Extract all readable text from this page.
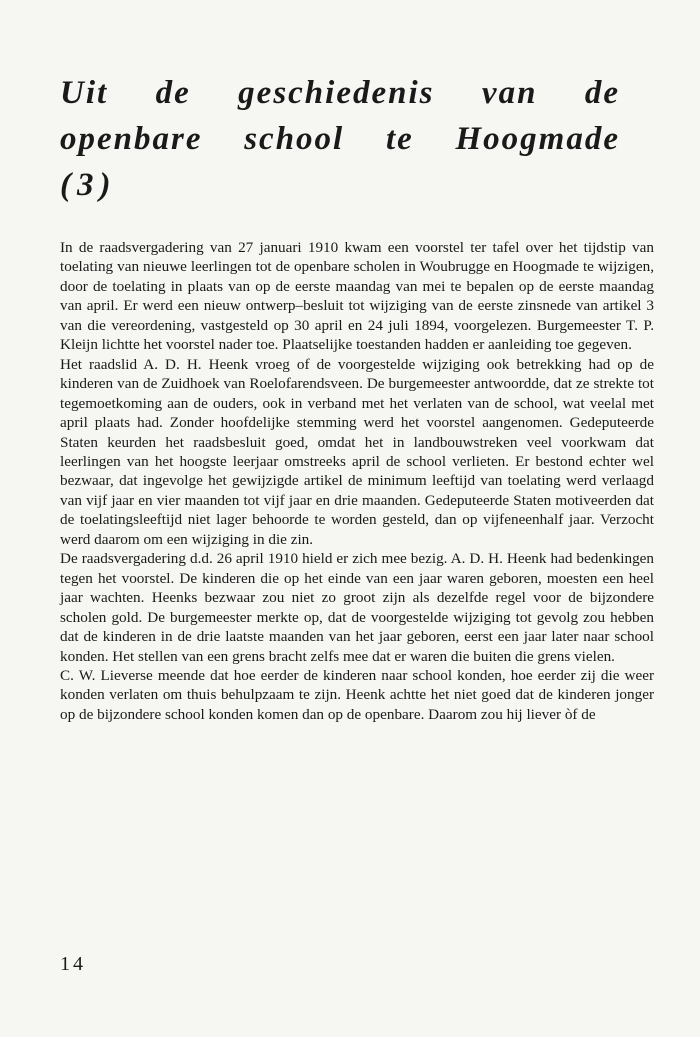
Uit de geschiedenis van de
openbare school te Hoogmade
(3)

In de raadsvergadering van 27 januari 1910 kwam een voorstel ter tafel over het tijdstip van toelating van nieuwe leerlingen tot de openbare scholen in Woubrugge en Hoogmade te wijzigen, door de toelating in plaats van op de eerste maandag van mei te bepalen op de eerste maandag van april. Er werd een nieuw ontwerp–besluit tot wijziging van de eerste zinsnede van artikel 3 van die vereordening, vastgesteld op 30 april en 24 juli 1894, voorgelezen. Burgemeester T. P. Kleijn lichtte het voorstel nader toe. Plaatselijke toestanden hadden er aanleiding toe gegeven.

Het raadslid A. D. H. Heenk vroeg of de voorgestelde wijziging ook betrekking had op de kinderen van de Zuidhoek van Roelofarendsveen. De burgemeester antwoordde, dat ze strekte tot tegemoetkoming aan de ouders, ook in verband met het verlaten van de school, wat veelal met april plaats had. Zonder hoofdelijke stemming werd het voorstel aangenomen. Gedeputeerde Staten keurden het raadsbesluit goed, omdat het in landbouwstreken veel voorkwam dat leerlingen van het hoogste leerjaar omstreeks april de school verlieten. Er bestond echter wel bezwaar, dat ingevolge het gewijzigde artikel de minimum leeftijd van toelating werd verlaagd van vijf jaar en vier maanden tot vijf jaar en drie maanden. Gedeputeerde Staten motiveerden dat de toelatingsleeftijd niet lager behoorde te worden gesteld, dan op vijfeneenhalf jaar. Verzocht werd daarom om een wijziging in die zin.

De raadsvergadering d.d. 26 april 1910 hield er zich mee bezig. A. D. H. Heenk had bedenkingen tegen het voorstel. De kinderen die op het einde van een jaar waren geboren, moesten een heel jaar wachten. Heenks bezwaar zou niet zo groot zijn als dezelfde regel voor de bijzondere scholen gold. De burgemeester merkte op, dat de voorgestelde wijziging tot gevolg zou hebben dat de kinderen in de drie laatste maanden van het jaar geboren, eerst een jaar later naar school konden. Het stellen van een grens bracht zelfs mee dat er waren die buiten die grens vielen.

C. W. Lieverse meende dat hoe eerder de kinderen naar school konden, hoe eerder zij die weer konden verlaten om thuis behulpzaam te zijn. Heenk achtte het niet goed dat de kinderen jonger op de bijzondere school konden komen dan op de openbare. Daarom zou hij liever òf de

14
